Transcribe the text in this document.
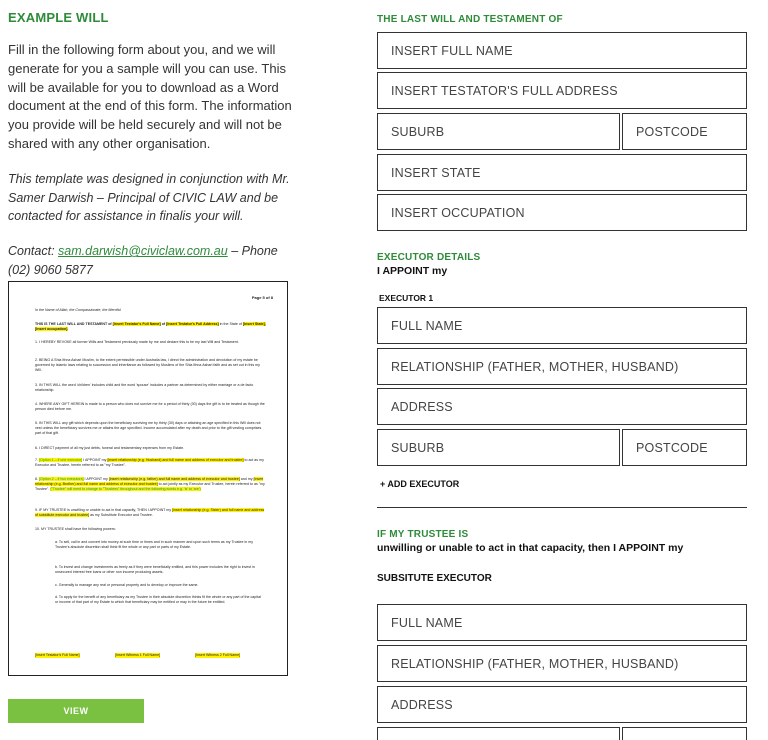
EXAMPLE WILL
Fill in the following form about you, and we will generate for you a sample will you can use. This will be available for you to download as a Word document at the end of this form. The information you provide will be held securely and will not be shared with any other organisation.
This template was designed in conjunction with Mr. Samer Darwish – Principal of CIVIC LAW and be contacted for assistance in finalis your will.
Contact: sam.darwish@civiclaw.com.au – Phone (02) 9060 5877
Page 5 of 8
In the Name of Allah, the Compassionate, the Merciful
THIS IS THE LAST WILL AND TESTAMENT of [Insert Testator's Full Name] of [Insert Testator's Full Address] in the State of [Insert State], [Insert occupation].
1. I HEREBY REVOKE all former Wills and Testament previously made by me and declare this to be my last Will and Testament.
2. BEING A Shia Ithna Ashari Muslim, to the extent permissible under Australia law, I direct the administration and devolution of my estate be governed by Islamic laws relating to succession and inheritance as followed by Muslims of the Shia Ithna Ashari faith and as set out in this my Will.
3. IN THIS WILL the word 'children' includes child and the word 'spouse' includes a partner as determined by either marriage or a de facto relationship.
4. WHERE ANY GIFT HEREIN is made to a person who does not survive me for a period of thirty (30) days the gift is to be treated as though the person died before me.
5. IN THIS WILL any gift which depends upon the beneficiary surviving me by thirty (30) days or attaining an age specified in this Will does not vest unless the beneficiary survives me or attains the age specified. Income accumulated after my death and prior to the gift vesting comprises part of that gift.
6. I DIRECT payment of all my just debts, funeral and testamentary expenses from my Estate.
7. [Option 1 – if one executor] I APPOINT my [insert relationship (e.g. Husband) and full name and address of executor and trustee] to act as my Executor and Trustee, herein referred to as "my Trustee".
8. [Option 2 – if two executors] I APPOINT my [insert relationship (e.g. father) and full name and address of executor and trustee] and my [insert relationship (e.g. Brother) and full name and address of executor and trustee] to act jointly as my Executor and Trustee, herein referred to as "my Trustee". ("Trustee" will need to change to "Trustees" throughout and the following words e.g. 'is' to 'are')
9. IF MY TRUSTEE is unwilling or unable to act in that capacity, THEN I APPOINT my [insert relationship (e.g. Sister) and full name and address of substitute executor and trustee] as my Substitute Executor and Trustee.
10. MY TRUSTEE shall have the following powers:
a. To sell, call in and convert into money at such time or times and in such manner and upon such terms as my Trustee in my Trustee's absolute discretion shall think fit the whole or any part or parts of my Estate.
b. To invest and change investments as freely as if they were beneficially entitled, and this power includes the right to invest in unsecured interest free loans or other non income producing assets.
c. Generally to manage any real or personal property and to develop or improve the same.
d. To apply for the benefit of any beneficiary as my Trustee in their absolute discretion thinks fit the whole or any part of the capital or income of that part of my Estate to which that beneficiary may be entitled or may in the future be entitled.
[Insert Testator's Full Name]	[Insert Witness 1 Full Name]	[Insert Witness 2 Full Name]
VIEW
THE LAST WILL AND TESTAMENT OF
INSERT FULL NAME
INSERT TESTATOR'S FULL ADDRESS
SUBURB
POSTCODE
INSERT STATE
INSERT OCCUPATION
EXECUTOR DETAILS
I APPOINT my
EXECUTOR 1
FULL NAME
RELATIONSHIP (FATHER, MOTHER, HUSBAND)
ADDRESS
SUBURB
POSTCODE
+ ADD EXECUTOR
IF MY TRUSTEE IS
unwilling or unable to act in that capacity, then I APPOINT my
SUBSITUTE EXECUTOR
FULL NAME
RELATIONSHIP (FATHER, MOTHER, HUSBAND)
ADDRESS
